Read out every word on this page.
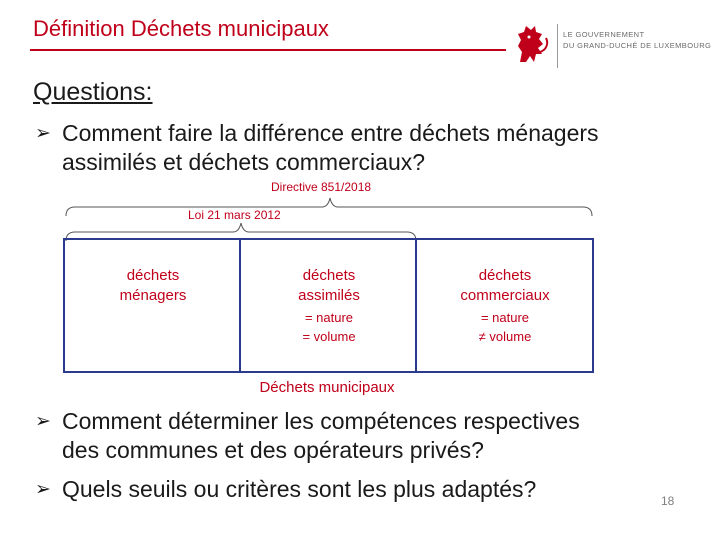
Définition Déchets municipaux	LE GOUVERNEMENT
DU GRAND-DUCHÉ DE LUXEMBOURG
Questions:
➢ Comment faire la différence entre déchets ménagers
assimilés et déchets commerciaux?
Directive 851/2018
Loi 21 mars 2012
déchets
ménagers
déchets
assimilés
= nature
= volume
déchets
commerciaux
= nature
≠ volume
Déchets municipaux
➢ Comment déterminer les compétences respectives
des communes et des opérateurs privés?
➢ Quels seuils ou critères sont les plus adaptés?	18
